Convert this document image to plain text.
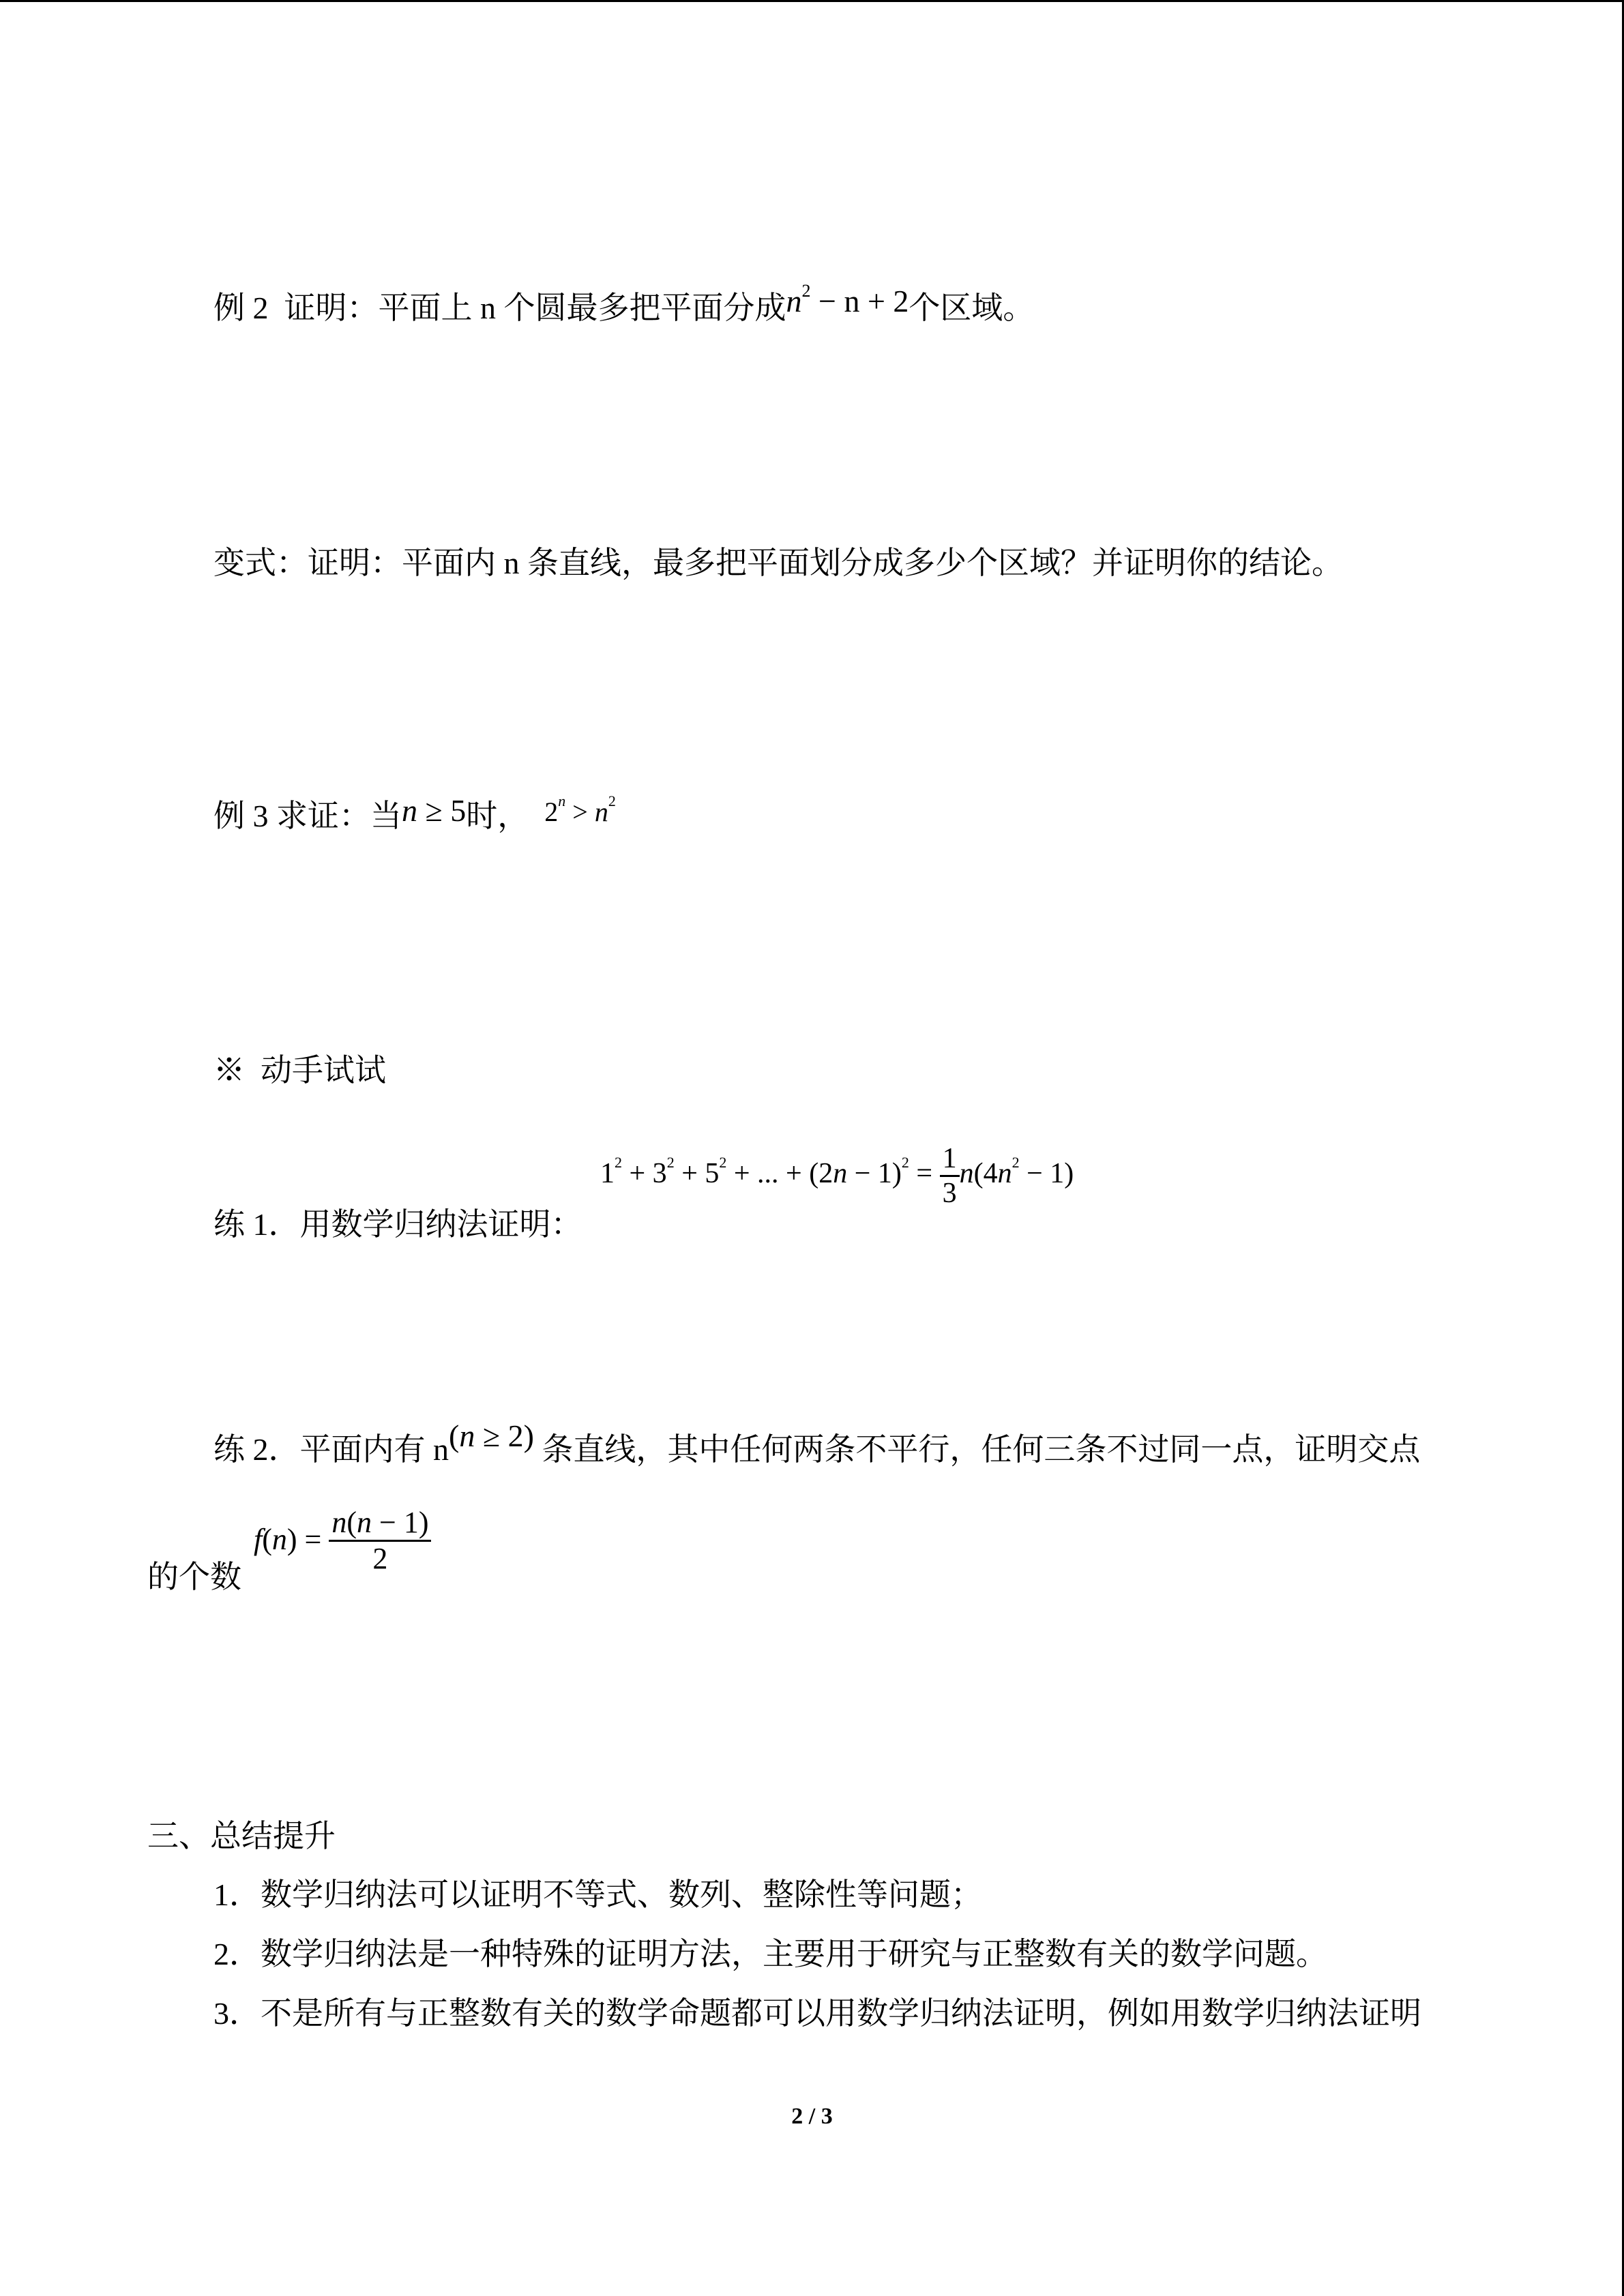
例 2 证明：平面上 n 个圆最多把平面分成$n^2 - n + 2$个区域。
变式：证明：平面内 n 条直线，最多把平面划分成多少个区域？并证明你的结论。
例 3 求证：当n ≥ 5时， $2^n > n^2$
※ 动手试试
练 1．用数学归纳法证明：
$1^2 + 3^2 + 5^2$ + ... + $(2n - 1)^2 = \frac{1}{3} n(4n^2 - 1)$
练 2．平面内有 n(n ≥ 2) 条直线，其中任何两条不平行，任何三条不过同一点，证明交点
的个数
$f(n) = \frac{n(n - 1)}{2}$
三、总结提升
1．数学归纳法可以证明不等式、数列、整除性等问题；
2．数学归纳法是一种特殊的证明方法，主要用于研究与正整数有关的数学问题。
3．不是所有与正整数有关的数学命题都可以用数学归纳法证明，例如用数学归纳法证明
2 / 3
